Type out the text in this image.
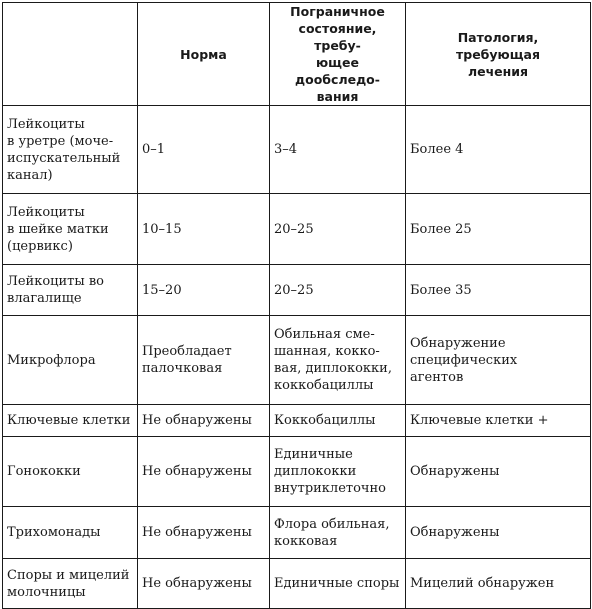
	Норма	Пограничное
состояние, требу-
ющее дообследо-
вания	Патология,
требующая
лечения

Лейкоциты
в уретре (моче-
испускательный
канал)	0–1	3–4	Более 4

Лейкоциты
в шейке матки
(цервикс)	10–15	20–25	Более 25

Лейкоциты во
влагалище	15–20	20–25	Более 35

Микрофлора	Преобладает
палочковая	Обильная сме-
шанная, кокко-
вая, диплококки,
коккобациллы	Обнаружение
специфических
агентов

Ключевые клетки	Не обнаружены	Коккобациллы	Ключевые клетки +

Гонококки	Не обнаружены	Единичные
диплококки
внутриклеточно	Обнаружены

Трихомонады	Не обнаружены	Флора обильная,
кокковая	Обнаружены

Споры и мицелий
молочницы	Не обнаружены	Единичные споры	Мицелий обнаружен
